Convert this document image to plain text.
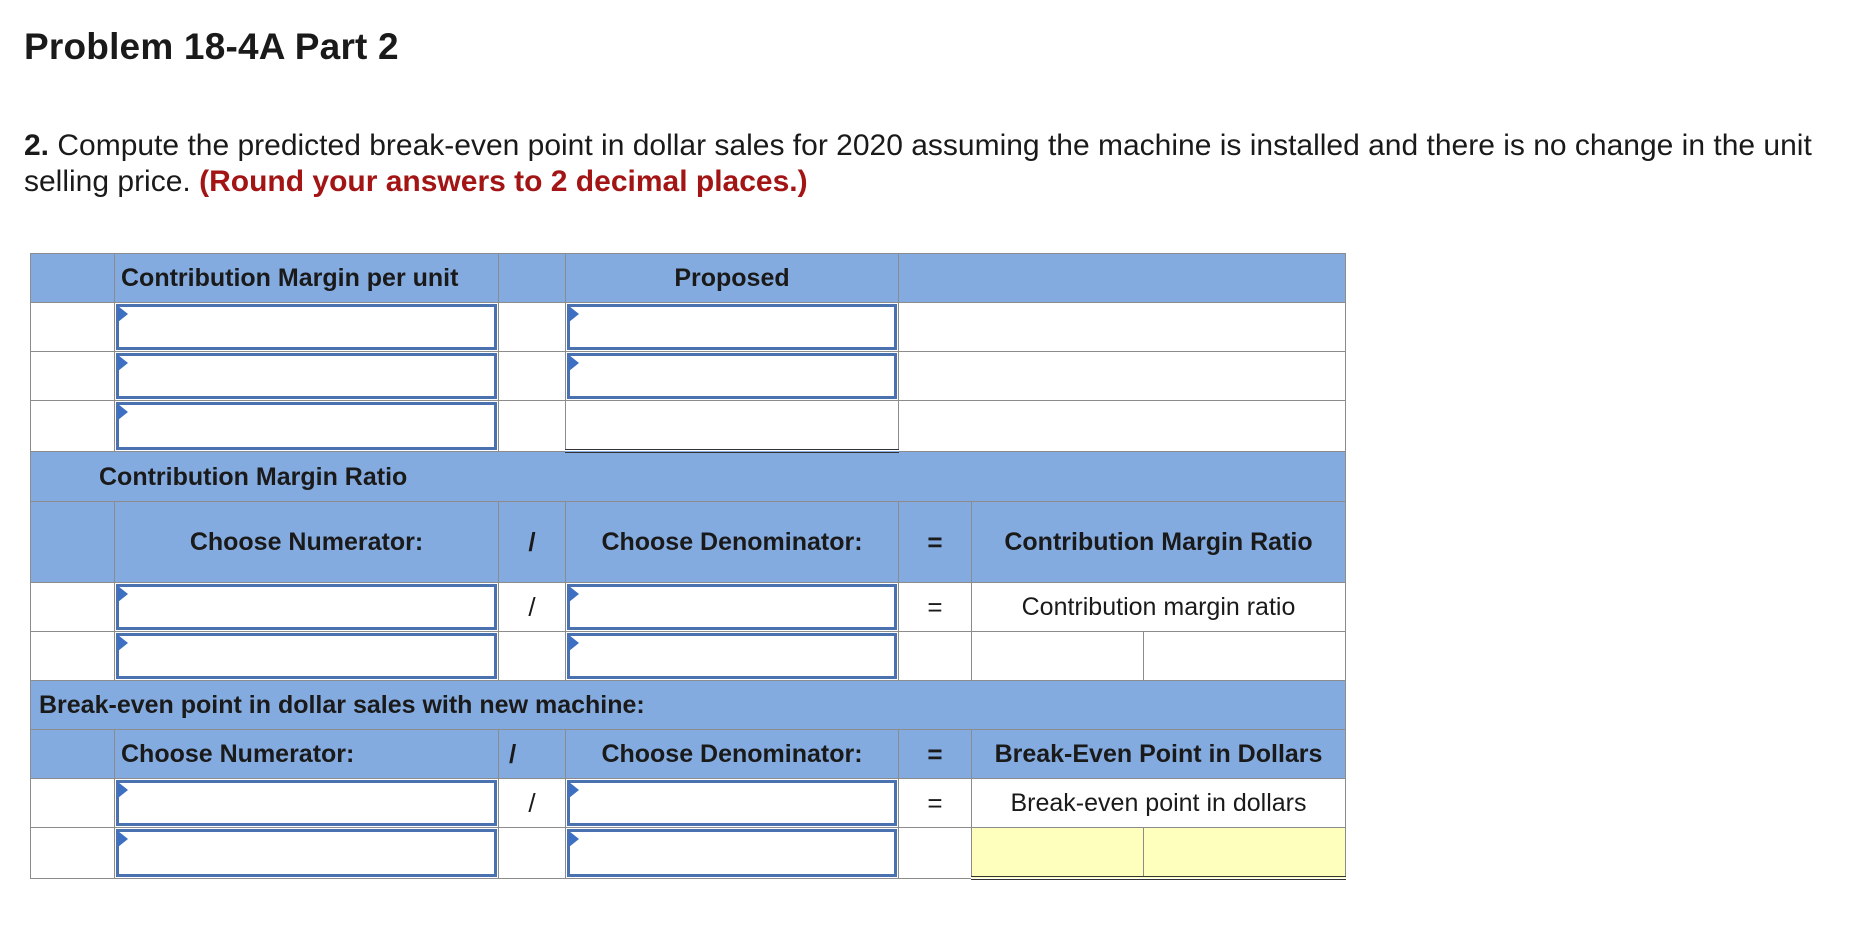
Problem 18-4A Part 2

2. Compute the predicted break-even point in dollar sales for 2020 assuming the machine is installed and there is no change in the unit selling price. (Round your answers to 2 decimal places.)

	Contribution Margin per unit		Proposed			

Contribution Margin Ratio						
	Choose Numerator:	/	Choose Denominator:	=	Contribution Margin Ratio	

	/		=	Contribution margin ratio	

Break-even point in dollar sales with new machine:						
	Choose Numerator:	/	Choose Denominator:	=	Break-Even Point in Dollars	

	/		=	Break-even point in dollars	
